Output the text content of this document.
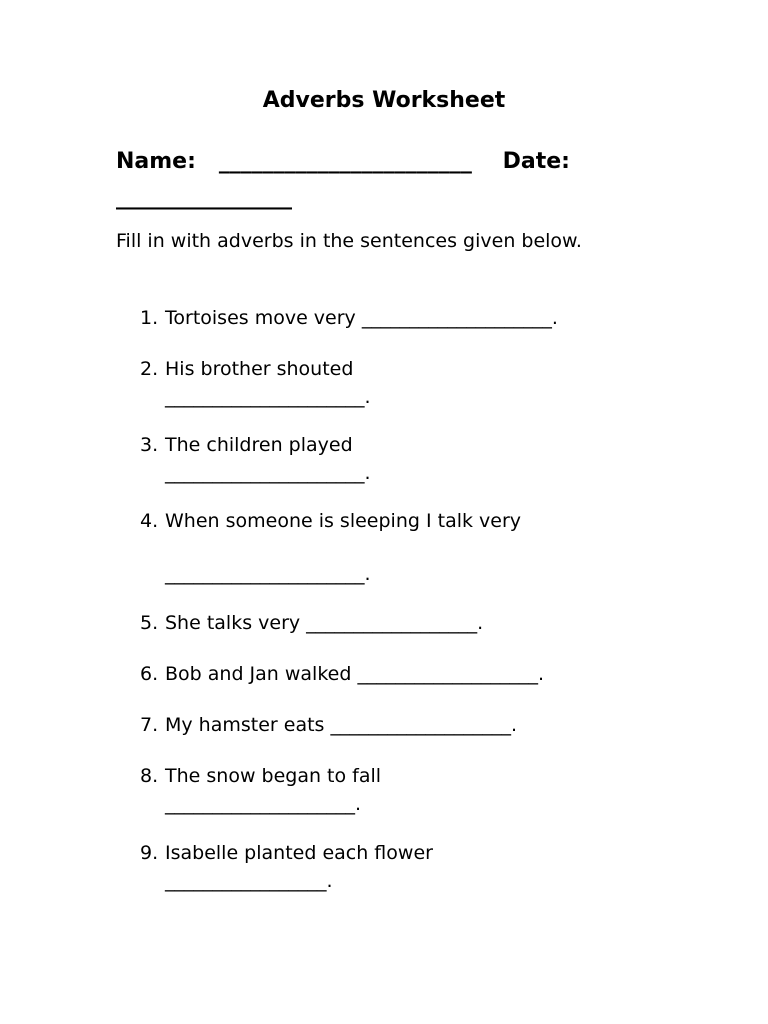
Adverbs Worksheet
Name: _______________________ Date:   ________________

Fill in with adverbs in the sentences given below.

1. Tortoises move very ____________________.
2. His brother shouted
_____________________.
3. The children played
_____________________.
4. When someone is sleeping I talk very
_____________________.
5. She talks very __________________.
6. Bob and Jan walked ___________________.
7. My hamster eats ___________________.
8. The snow began to fall
____________________.
9. Isabelle planted each flower
_________________.
